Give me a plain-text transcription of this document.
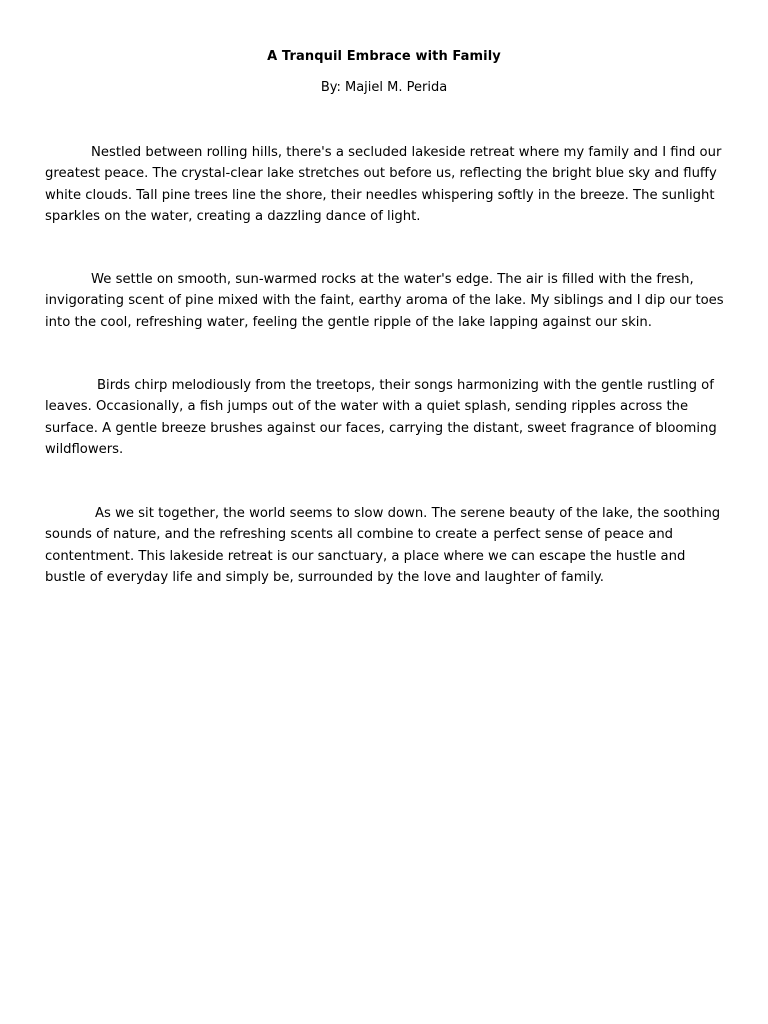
A Tranquil Embrace with Family
By: Majiel M. Perida

Nestled between rolling hills, there's a secluded lakeside retreat where my family and I find our greatest peace. The crystal-clear lake stretches out before us, reflecting the bright blue sky and fluffy white clouds. Tall pine trees line the shore, their needles whispering softly in the breeze. The sunlight sparkles on the water, creating a dazzling dance of light.

We settle on smooth, sun-warmed rocks at the water's edge. The air is filled with the fresh, invigorating scent of pine mixed with the faint, earthy aroma of the lake. My siblings and I dip our toes into the cool, refreshing water, feeling the gentle ripple of the lake lapping against our skin.

Birds chirp melodiously from the treetops, their songs harmonizing with the gentle rustling of leaves. Occasionally, a fish jumps out of the water with a quiet splash, sending ripples across the surface. A gentle breeze brushes against our faces, carrying the distant, sweet fragrance of blooming wildflowers.

As we sit together, the world seems to slow down. The serene beauty of the lake, the soothing sounds of nature, and the refreshing scents all combine to create a perfect sense of peace and contentment. This lakeside retreat is our sanctuary, a place where we can escape the hustle and bustle of everyday life and simply be, surrounded by the love and laughter of family.
